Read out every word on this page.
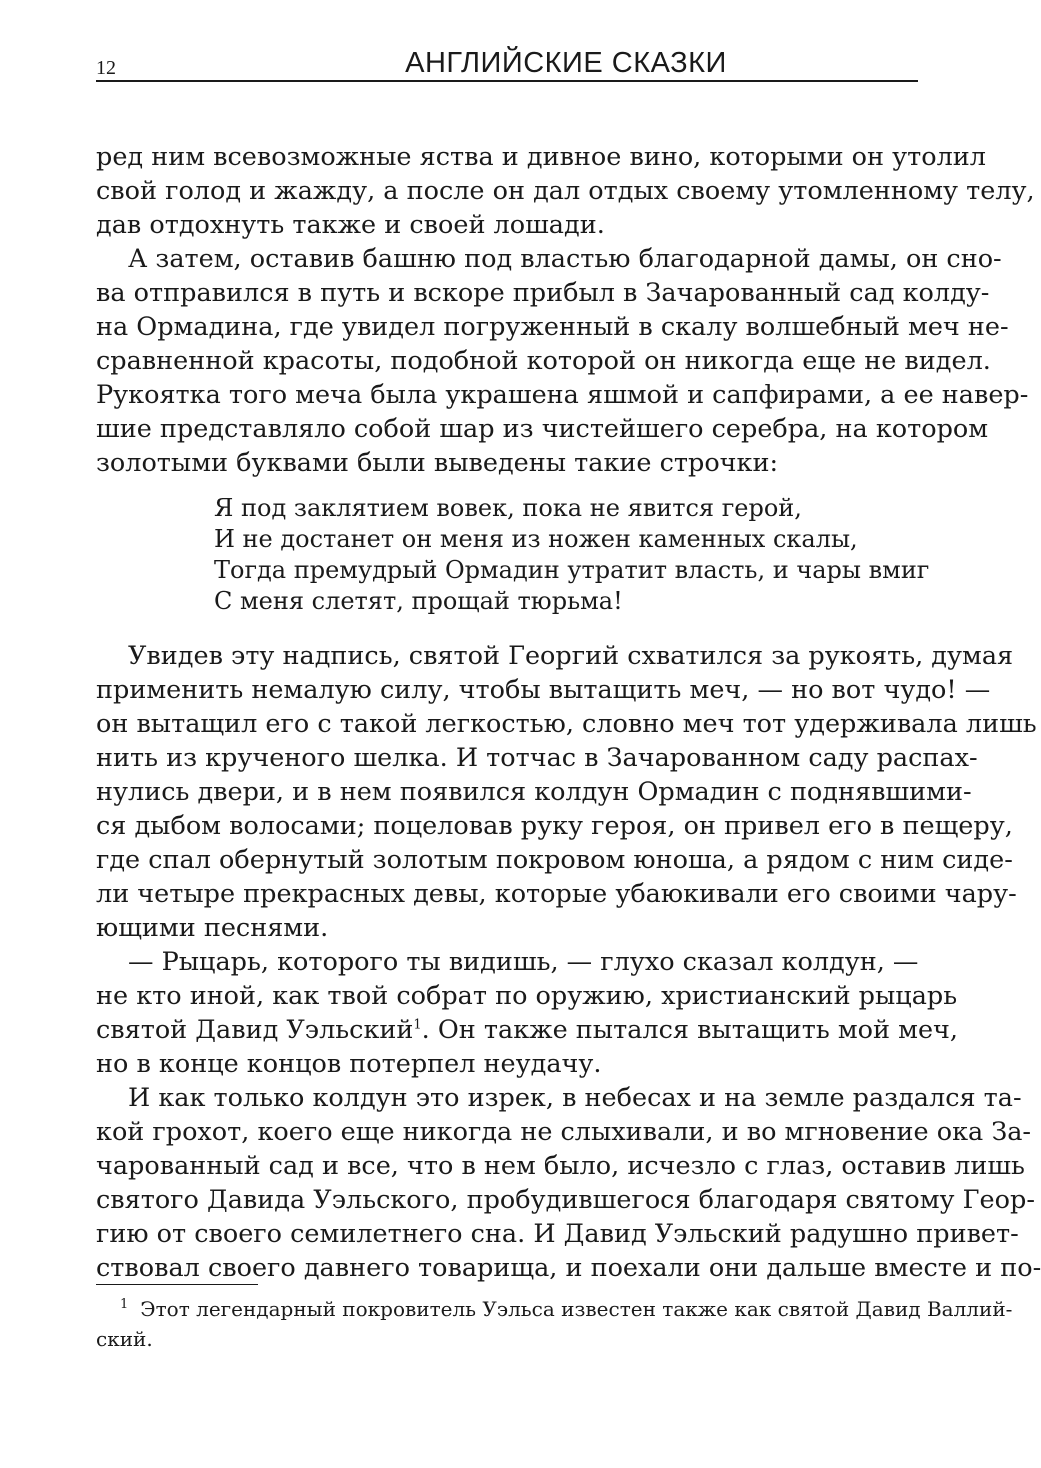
12	АНГЛИЙСКИЕ СКАЗКИ
ред ним всевозможные яства и дивное вино, которыми он утолил
свой голод и жажду, а после он дал отдых своему утомленному телу,
дав отдохнуть также и своей лошади.
А затем, оставив башню под властью благодарной дамы, он сно-
ва отправился в путь и вскоре прибыл в Зачарованный сад колду-
на Ормадина, где увидел погруженный в скалу волшебный меч не-
сравненной красоты, подобной которой он никогда еще не видел.
Рукоятка того меча была украшена яшмой и сапфирами, а ее навер-
шие представляло собой шар из чистейшего серебра, на котором
золотыми буквами были выведены такие строчки:
Я под заклятием вовек, пока не явится герой,
И не достанет он меня из ножен каменных скалы,
Тогда премудрый Ормадин утратит власть, и чары вмиг
С меня слетят, прощай тюрьма!
Увидев эту надпись, святой Георгий схватился за рукоять, думая
применить немалую силу, чтобы вытащить меч, — но вот чудо! —
он вытащил его с такой легкостью, словно меч тот удерживала лишь
нить из крученого шелка. И тотчас в Зачарованном саду распах-
нулись двери, и в нем появился колдун Ормадин с поднявшими-
ся дыбом волосами; поцеловав руку героя, он привел его в пещеру,
где спал обернутый золотым покровом юноша, а рядом с ним сиде-
ли четыре прекрасных девы, которые убаюкивали его своими чару-
ющими песнями.
— Рыцарь, которого ты видишь, — глухо сказал колдун, —
не кто иной, как твой собрат по оружию, христианский рыцарь
святой Давид Уэльский$^1$. Он также пытался вытащить мой меч,
но в конце концов потерпел неудачу.
И как только колдун это изрек, в небесах и на земле раздался та-
кой грохот, коего еще никогда не слыхивали, и во мгновение ока За-
чарованный сад и все, что в нем было, исчезло с глаз, оставив лишь
святого Давида Уэльского, пробудившегося благодаря святому Геор-
гию от своего семилетнего сна. И Давид Уэльский радушно привет-
ствовал своего давнего товарища, и поехали они дальше вместе и по-
$^1$ Этот легендарный покровитель Уэльса известен также как святой Давид Валлий-
ский.
